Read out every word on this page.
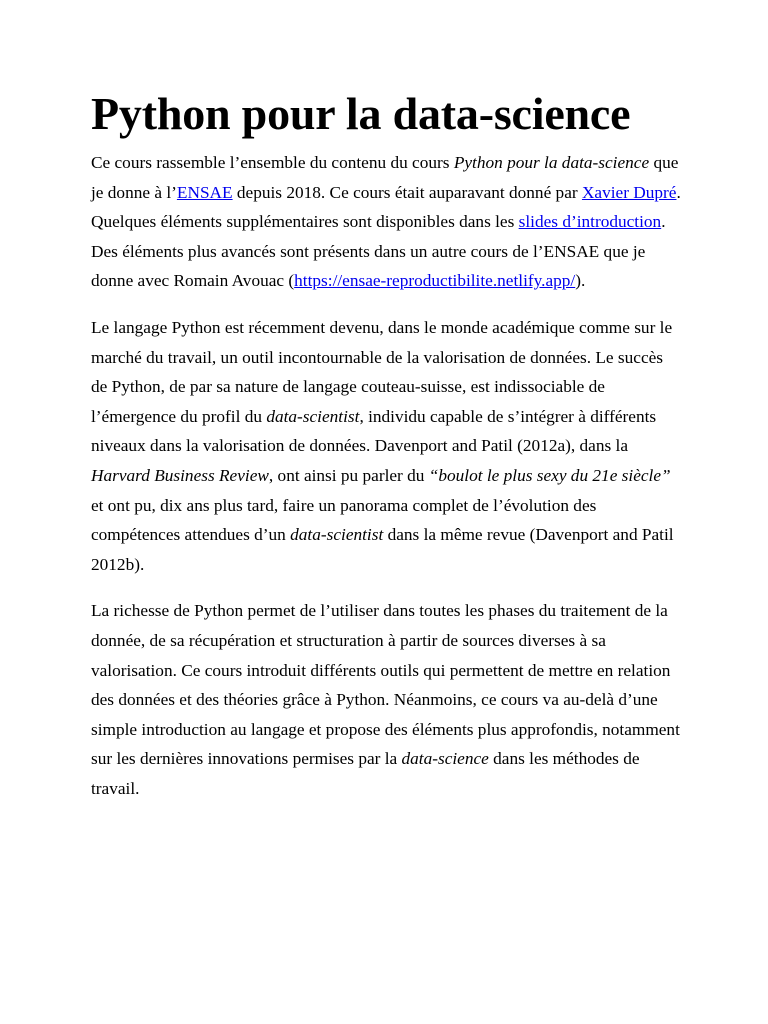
Python pour la data-science

Ce cours rassemble l’ensemble du contenu du cours Python pour la data-science que je donne à l’ENSAE depuis 2018. Ce cours était auparavant donné par Xavier Dupré. Quelques éléments supplémentaires sont disponibles dans les slides d’introduction. Des éléments plus avancés sont présents dans un autre cours de l’ENSAE que je donne avec Romain Avouac (https://ensae-reproductibilite.netlify.app/).

Le langage Python est récemment devenu, dans le monde académique comme sur le marché du travail, un outil incontournable de la valorisation de données. Le succès de Python, de par sa nature de langage couteau-suisse, est indissociable de l’émergence du profil du data-scientist, individu capable de s’intégrer à différents niveaux dans la valorisation de données. Davenport and Patil (2012a), dans la Harvard Business Review, ont ainsi pu parler du “boulot le plus sexy du 21e siècle” et ont pu, dix ans plus tard, faire un panorama complet de l’évolution des compétences attendues d’un data-scientist dans la même revue (Davenport and Patil 2012b).

La richesse de Python permet de l’utiliser dans toutes les phases du traitement de la donnée, de sa récupération et structuration à partir de sources diverses à sa valorisation. Ce cours introduit différents outils qui permettent de mettre en relation des données et des théories grâce à Python. Néanmoins, ce cours va au-delà d’une simple introduction au langage et propose des éléments plus approfondis, notamment sur les dernières innovations permises par la data-science dans les méthodes de travail.
